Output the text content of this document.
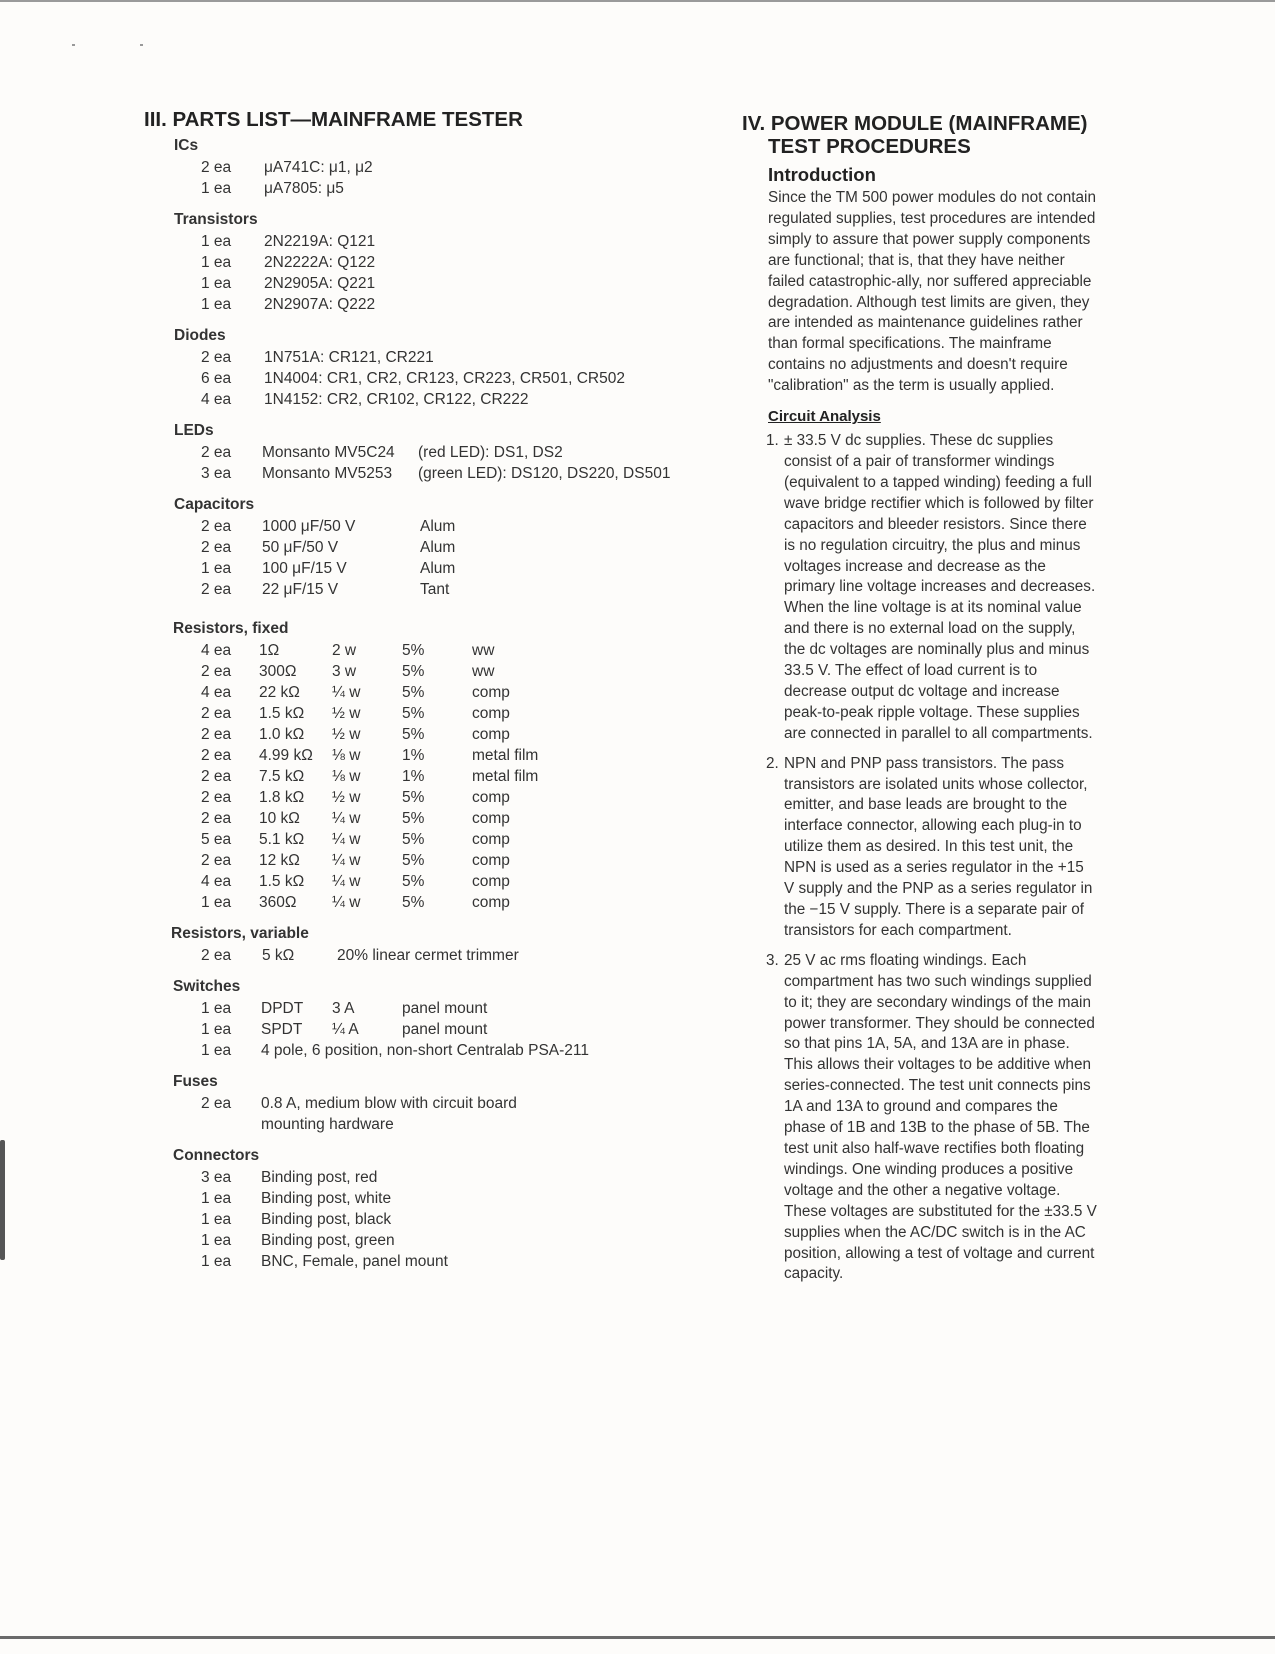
III. PARTS LIST—MAINFRAME TESTER
ICs
2 ea μA741C: μ1, μ2
1 ea μA7805: μ5
Transistors
1 ea 2N2219A: Q121
1 ea 2N2222A: Q122
1 ea 2N2905A: Q221
1 ea 2N2907A: Q222
Diodes
2 ea 1N751A: CR121, CR221
6 ea 1N4004: CR1, CR2, CR123, CR223, CR501, CR502
4 ea 1N4152: CR2, CR102, CR122, CR222
LEDs
2 ea Monsanto MV5C24 (red LED): DS1, DS2
3 ea Monsanto MV5253 (green LED): DS120, DS220, DS501
Capacitors
2 ea 1000 μF/50 V	Alum
2 ea 50 μF/50 V	Alum
1 ea 100 μF/15 V	Alum
2 ea 22 μF/15 V	Tant
Resistors, fixed
4 ea 1Ω	2 w	5%	ww
2 ea 300Ω 3 w	5%	ww
4 ea 22 kΩ ¼ w	5%	comp
2 ea 1.5 kΩ ½ w	5%	comp
2 ea 1.0 kΩ ½ w	5%	comp
2 ea 4.99 kΩ ⅛ w	1%	metal film
2 ea 7.5 kΩ ⅛ w	1%	metal film
2 ea 1.8 kΩ ½ w	5%	comp
2 ea 10 kΩ ¼ w	5%	comp
5 ea 5.1 kΩ ¼ w	5%	comp
2 ea 12 kΩ ¼ w	5%	comp
4 ea 1.5 kΩ ¼ w	5%	comp
1 ea 360Ω ¼ w	5%	comp
Resistors, variable
2 ea 5 kΩ	20% linear cermet trimmer
Switches
1 ea DPDT 3 A	panel mount
1 ea SPDT ¼ A	panel mount
1 ea 4 pole, 6 position, non-short Centralab PSA-211
Fuses
2 ea 0.8 A, medium blow with circuit board
mounting hardware
Connectors
3 ea Binding post, red
1 ea Binding post, white
1 ea Binding post, black
1 ea Binding post, green
1 ea BNC, Female, panel mount
IV. POWER MODULE (MAINFRAME)
TEST PROCEDURES
Introduction
Since the TM 500 power modules do not contain regulated supplies, test procedures are intended simply to assure that power supply components are functional; that is, that they have neither failed catastrophic-ally, nor suffered appreciable degradation. Although test limits are given, they are intended as maintenance guidelines rather than formal specifications. The mainframe contains no adjustments and doesn't require "calibration" as the term is usually applied.
Circuit Analysis
1. ± 33.5 V dc supplies. These dc supplies consist of a pair of transformer windings (equivalent to a tapped winding) feeding a full wave bridge rectifier which is followed by filter capacitors and bleeder resistors. Since there is no regulation circuitry, the plus and minus voltages increase and decrease as the primary line voltage increases and decreases. When the line voltage is at its nominal value and there is no external load on the supply, the dc voltages are nominally plus and minus 33.5 V. The effect of load current is to decrease output dc voltage and increase peak-to-peak ripple voltage. These supplies are connected in parallel to all compartments.
2. NPN and PNP pass transistors. The pass transistors are isolated units whose collector, emitter, and base leads are brought to the interface connector, allowing each plug-in to utilize them as desired. In this test unit, the NPN is used as a series regulator in the +15 V supply and the PNP as a series regulator in the −15 V supply. There is a separate pair of transistors for each compartment.
3. 25 V ac rms floating windings. Each compartment has two such windings supplied to it; they are secondary windings of the main power transformer. They should be connected so that pins 1A, 5A, and 13A are in phase. This allows their voltages to be additive when series-connected. The test unit connects pins 1A and 13A to ground and compares the phase of 1B and 13B to the phase of 5B. The test unit also half-wave rectifies both floating windings. One winding produces a positive voltage and the other a negative voltage. These voltages are substituted for the ±33.5 V supplies when the AC/DC switch is in the AC position, allowing a test of voltage and current capacity.
